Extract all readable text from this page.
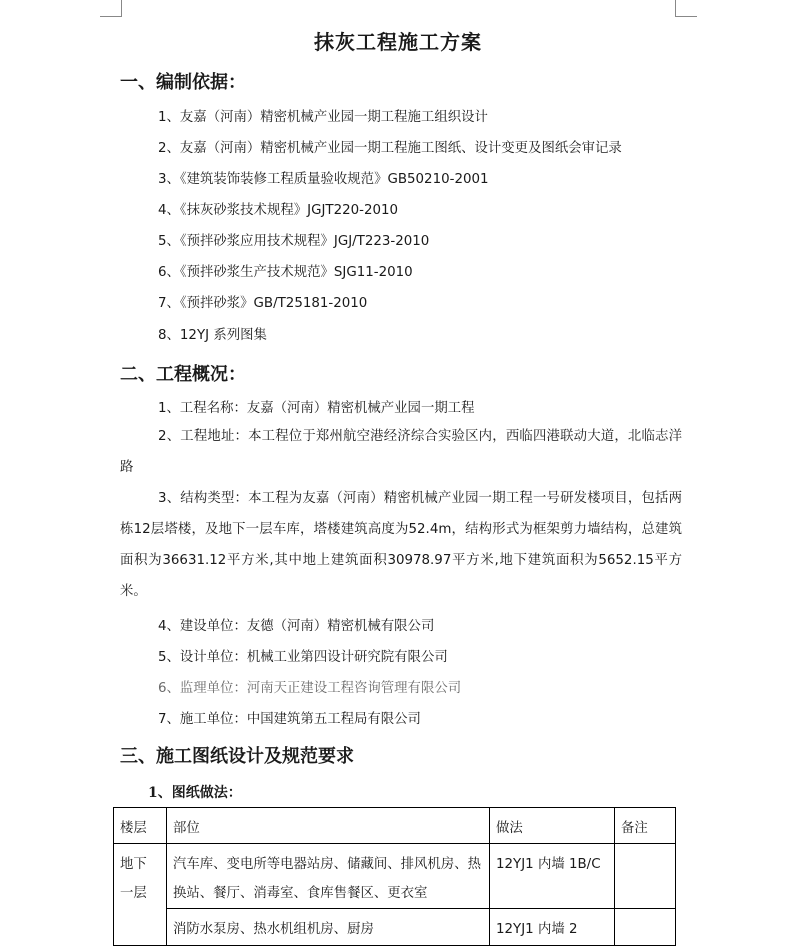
抹灰工程施工方案
一、编制依据：
1、友嘉（河南）精密机械产业园一期工程施工组织设计
2、友嘉（河南）精密机械产业园一期工程施工图纸、设计变更及图纸会审记录
3、《建筑装饰装修工程质量验收规范》GB50210-2001
4、《抹灰砂浆技术规程》JGJT220-2010
5、《预拌砂浆应用技术规程》JGJ/T223-2010
6、《预拌砂浆生产技术规范》SJG11-2010
7、《预拌砂浆》GB/T25181-2010
8、12YJ 系列图集
二、工程概况：
1、工程名称：友嘉（河南）精密机械产业园一期工程
2、工程地址：本工程位于郑州航空港经济综合实验区内，西临四港联动大道，北临志洋路
3、结构类型：本工程为友嘉（河南）精密机械产业园一期工程一号研发楼项目，包括两栋12层塔楼，及地下一层车库，塔楼建筑高度为52.4m，结构形式为框架剪力墙结构，总建筑面积为36631.12平方米,其中地上建筑面积30978.97平方米,地下建筑面积为5652.15平方米。
4、建设单位：友德（河南）精密机械有限公司
5、设计单位：机械工业第四设计研究院有限公司
6、监理单位：河南天正建设工程咨询管理有限公司
7、施工单位：中国建筑第五工程局有限公司
三、施工图纸设计及规范要求
1、图纸做法：
楼层	部位	做法	备注
地下一层	汽车库、变电所等电器站房、储藏间、排风机房、热换站、餐厅、消毒室、食库售餐区、更衣室	12YJ1 内墙 1B/C	
	消防水泵房、热水机组机房、厨房	12YJ1 内墙 2	
